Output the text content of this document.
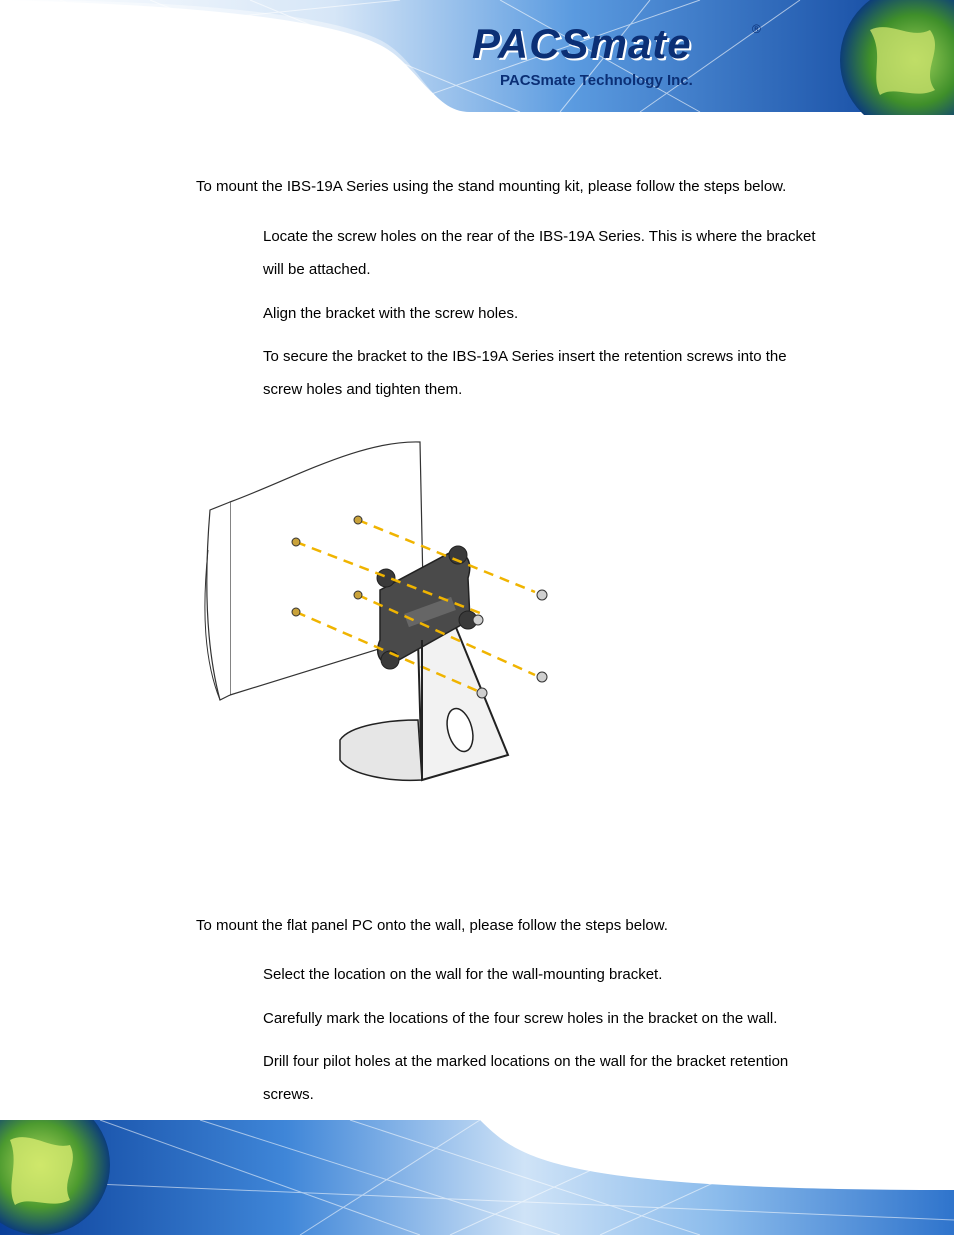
PACSmate	®
PACSmate Technology Inc.

To mount the IBS-19A Series using the stand mounting kit, please follow the steps below.

Locate the screw holes on the rear of the IBS-19A Series. This is where the bracket will be attached.

Align the bracket with the screw holes.

To secure the bracket to the IBS-19A Series insert the retention screws into the screw holes and tighten them.

To mount the flat panel PC onto the wall, please follow the steps below.

Select the location on the wall for the wall-mounting bracket.

Carefully mark the locations of the four screw holes in the bracket on the wall.

Drill four pilot holes at the marked locations on the wall for the bracket retention screws.
